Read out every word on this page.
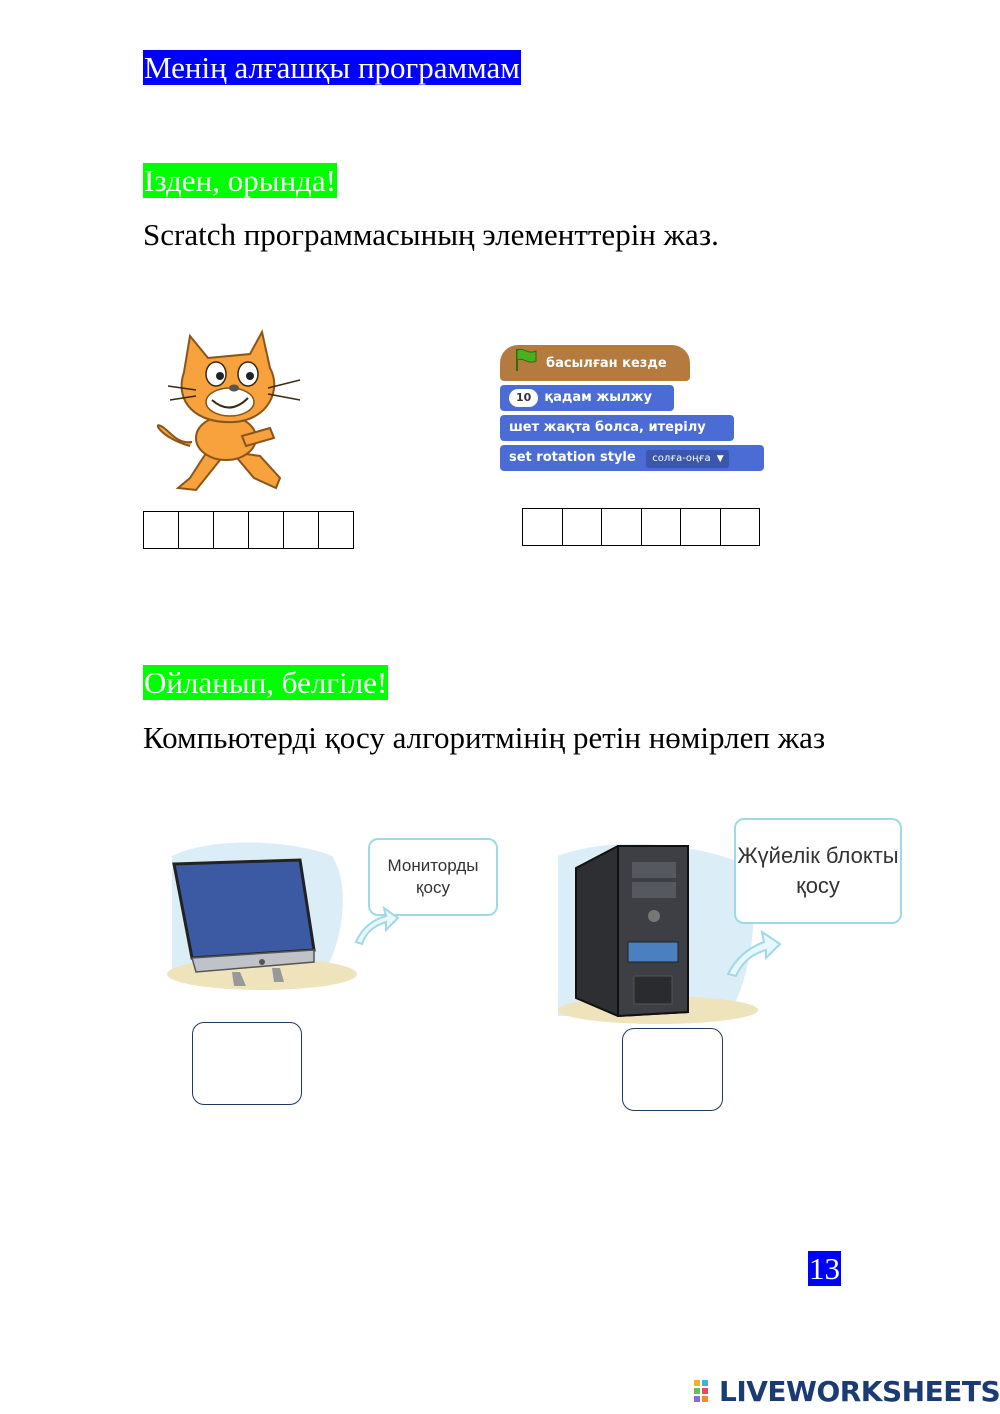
Менің алғашқы программам
Ізден, орында!
Scratch программасының элементтерін жаз.
басылған кезде
10 қадам жылжу
шет жақта болса, итерілу
set rotation style солға-оңға ▼
Ойланып, белгіле!
Компьютерді қосу алгоритмінің ретін нөмірлеп жаз
Мониторды қосу
Жүйелік блокты қосу
13
LIVEWORKSHEETS
